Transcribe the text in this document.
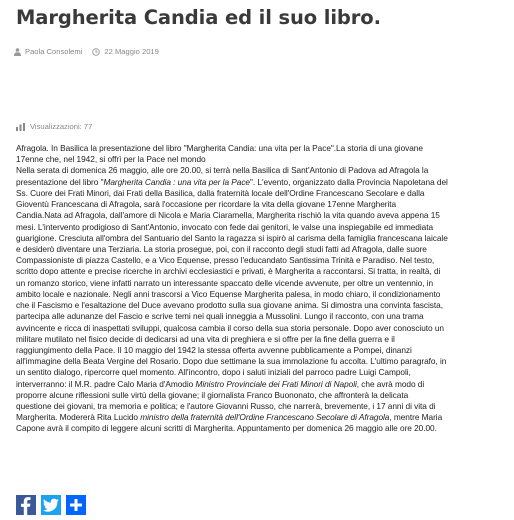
Margherita Candia ed il suo libro.
Paola Consolemi	22 Maggio 2019
Visualizzazioni: 77
Afragola. In Basilica la presentazione del libro "Margherita Candia: una vita per la Pace".La storia di una giovane
17enne che, nel 1942, si offrì per la Pace nel mondo
Nella serata di domenica 26 maggio, alle ore 20.00, si terrà nella Basilica di Sant'Antonio di Padova ad Afragola la
presentazione del libro "Margherita Candia : una vita per la Pace". L'evento, organizzato dalla Provincia Napoletana del
Ss. Cuore dei Frati Minori, dai Frati della Basilica, dalla fraternità locale dell'Ordine Francescano Secolare e dalla
Gioventù Francescana di Afragola, sarà l'occasione per ricordare la vita della giovane 17enne Margherita
Candia.Nata ad Afragola, dall'amore di Nicola e Maria Ciaramella, Margherita rischiò la vita quando aveva appena 15
mesi. L'intervento prodigioso di Sant'Antonio, invocato con fede dai genitori, le valse una inspiegabile ed immediata
guarigione. Cresciuta all'ombra del Santuario del Santo la ragazza si ispirò al carisma della famiglia francescana laicale
e desiderò diventare una Terziaria. La storia prosegue, poi, con il racconto degli studi fatti ad Afragola, dalle suore
Compassioniste di piazza Castello, e a Vico Equense, presso l'educandato Santissima Trinità e Paradiso. Nel testo,
scritto dopo attente e precise ricerche in archivi ecclesiastici e privati, è Margherita a raccontarsi. Si tratta, in realtà, di
un romanzo storico, viene infatti narrato un interessante spaccato delle vicende avvenute, per oltre un ventennio, in
ambito locale e nazionale. Negli anni trascorsi a Vico Equense Margherita palesa, in modo chiaro, il condizionamento
che il Fascismo e l'esaltazione del Duce avevano prodotto sulla sua giovane anima. Si dimostra una convinta fascista,
partecipa alle adunanze del Fascio e scrive temi nei quali inneggia a Mussolini. Lungo il racconto, con una trama
avvincente e ricca di inaspettati sviluppi, qualcosa cambia il corso della sua storia personale. Dopo aver conosciuto un
militare mutilato nel fisico decide di dedicarsi ad una vita di preghiera e si offre per la fine della guerra e il
raggiungimento della Pace. Il 10 maggio del 1942 la stessa offerta avvenne pubblicamente a Pompei, dinanzi
all'immagine della Beata Vergine del Rosario. Dopo due settimane la sua immolazione fu accolta. L'ultimo paragrafo, in
un sentito dialogo, ripercorre quel momento. All'incontro, dopo i saluti iniziali del parroco padre Luigi Campoli,
interverranno: il M.R. padre Calo Maria d'Amodio Ministro Provinciale dei Frati Minori di Napoli, che avrà modo di
proporre alcune riflessioni sulle virtù della giovane; il giornalista Franco Buononato, che affronterà la delicata
questione dei giovani, tra memoria e politica; e l'autore Giovanni Russo, che narrerà, brevemente, i 17 anni di vita di
Margherita. Modererà Rita Lucido ministro della fraternità dell'Ordine Francescano Secolare di Afragola, mentre Maria
Capone avrà il compito di leggere alcuni scritti di Margherita. Appuntamento per domenica 26 maggio alle ore 20.00.
